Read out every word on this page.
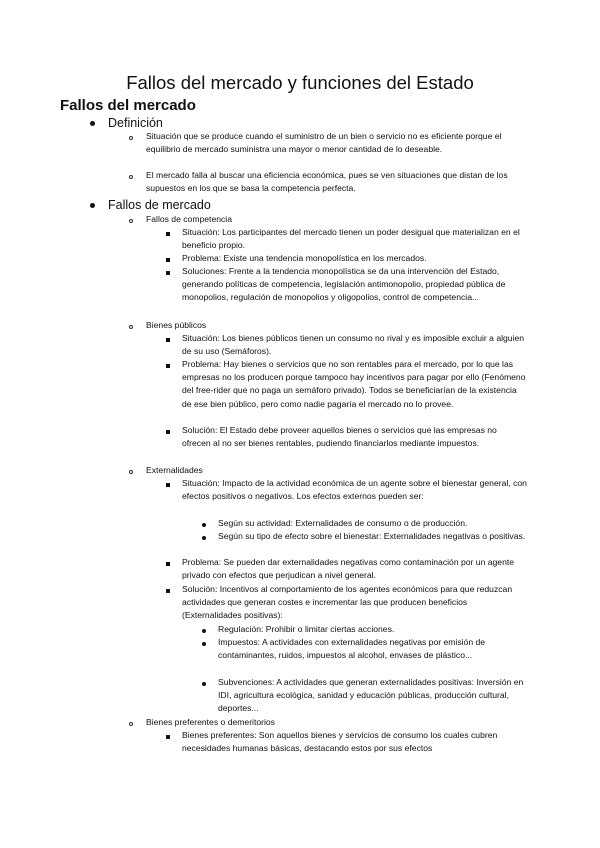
Fallos del mercado y funciones del Estado
Fallos del mercado

Definición

Situación que se produce cuando el suministro de un bien o servicio no es eficiente porque el equilibrio de mercado suministra una mayor o menor cantidad de lo deseable.

El mercado falla al buscar una eficiencia económica, pues se ven situaciones que distan de los supuestos en los que se basa la competencia perfecta.

Fallos de mercado

Fallos de competencia

Situación: Los participantes del mercado tienen un poder desigual que materializan en el beneficio propio.

Problema: Existe una tendencia monopolística en los mercados.

Soluciones: Frente a la tendencia monopolística se da una intervención del Estado, generando políticas de competencia, legislación antimonopolio, propiedad pública de monopolios, regulación de monopolios y oligopolios, control de competencia...

Bienes públicos

Situación: Los bienes públicos tienen un consumo no rival y es imposible excluir a alguien de su uso (Semáforos).

Problema: Hay bienes o servicios que no son rentables para el mercado, por lo que las empresas no los producen porque tampoco hay incentivos para pagar por ello (Fenómeno del free-rider que no paga un semáforo privado). Todos se beneficiarían de la existencia de ese bien público, pero como nadie pagaría el mercado no lo provee.

Solución: El Estado debe proveer aquellos bienes o servicios que las empresas no ofrecen al no ser bienes rentables, pudiendo financiarlos mediante impuestos.

Externalidades

Situación: Impacto de la actividad económica de un agente sobre el bienestar general, con efectos positivos o negativos. Los efectos externos pueden ser:

Según su actividad: Externalidades de consumo o de producción.

Según su tipo de efecto sobre el bienestar: Externalidades negativas o positivas.

Problema: Se pueden dar externalidades negativas como contaminación por un agente privado con efectos que perjudican a nivel general.

Solución: Incentivos al comportamiento de los agentes económicos para que reduzcan actividades que generan costes e incrementar las que producen beneficios (Externalidades positivas):

Regulación: Prohibir o limitar ciertas acciones.

Impuestos: A actividades con externalidades negativas por emisión de contaminantes, ruidos, impuestos al alcohol, envases de plástico...

Subvenciones: A actividades que generan externalidades positivas: Inversión en IDI, agricultura ecológica, sanidad y educación públicas, producción cultural, deportes...

Bienes preferentes o demeritorios

Bienes preferentes: Son aquellos bienes y servicios de consumo los cuales cubren necesidades humanas básicas, destacando estos por sus efectos
